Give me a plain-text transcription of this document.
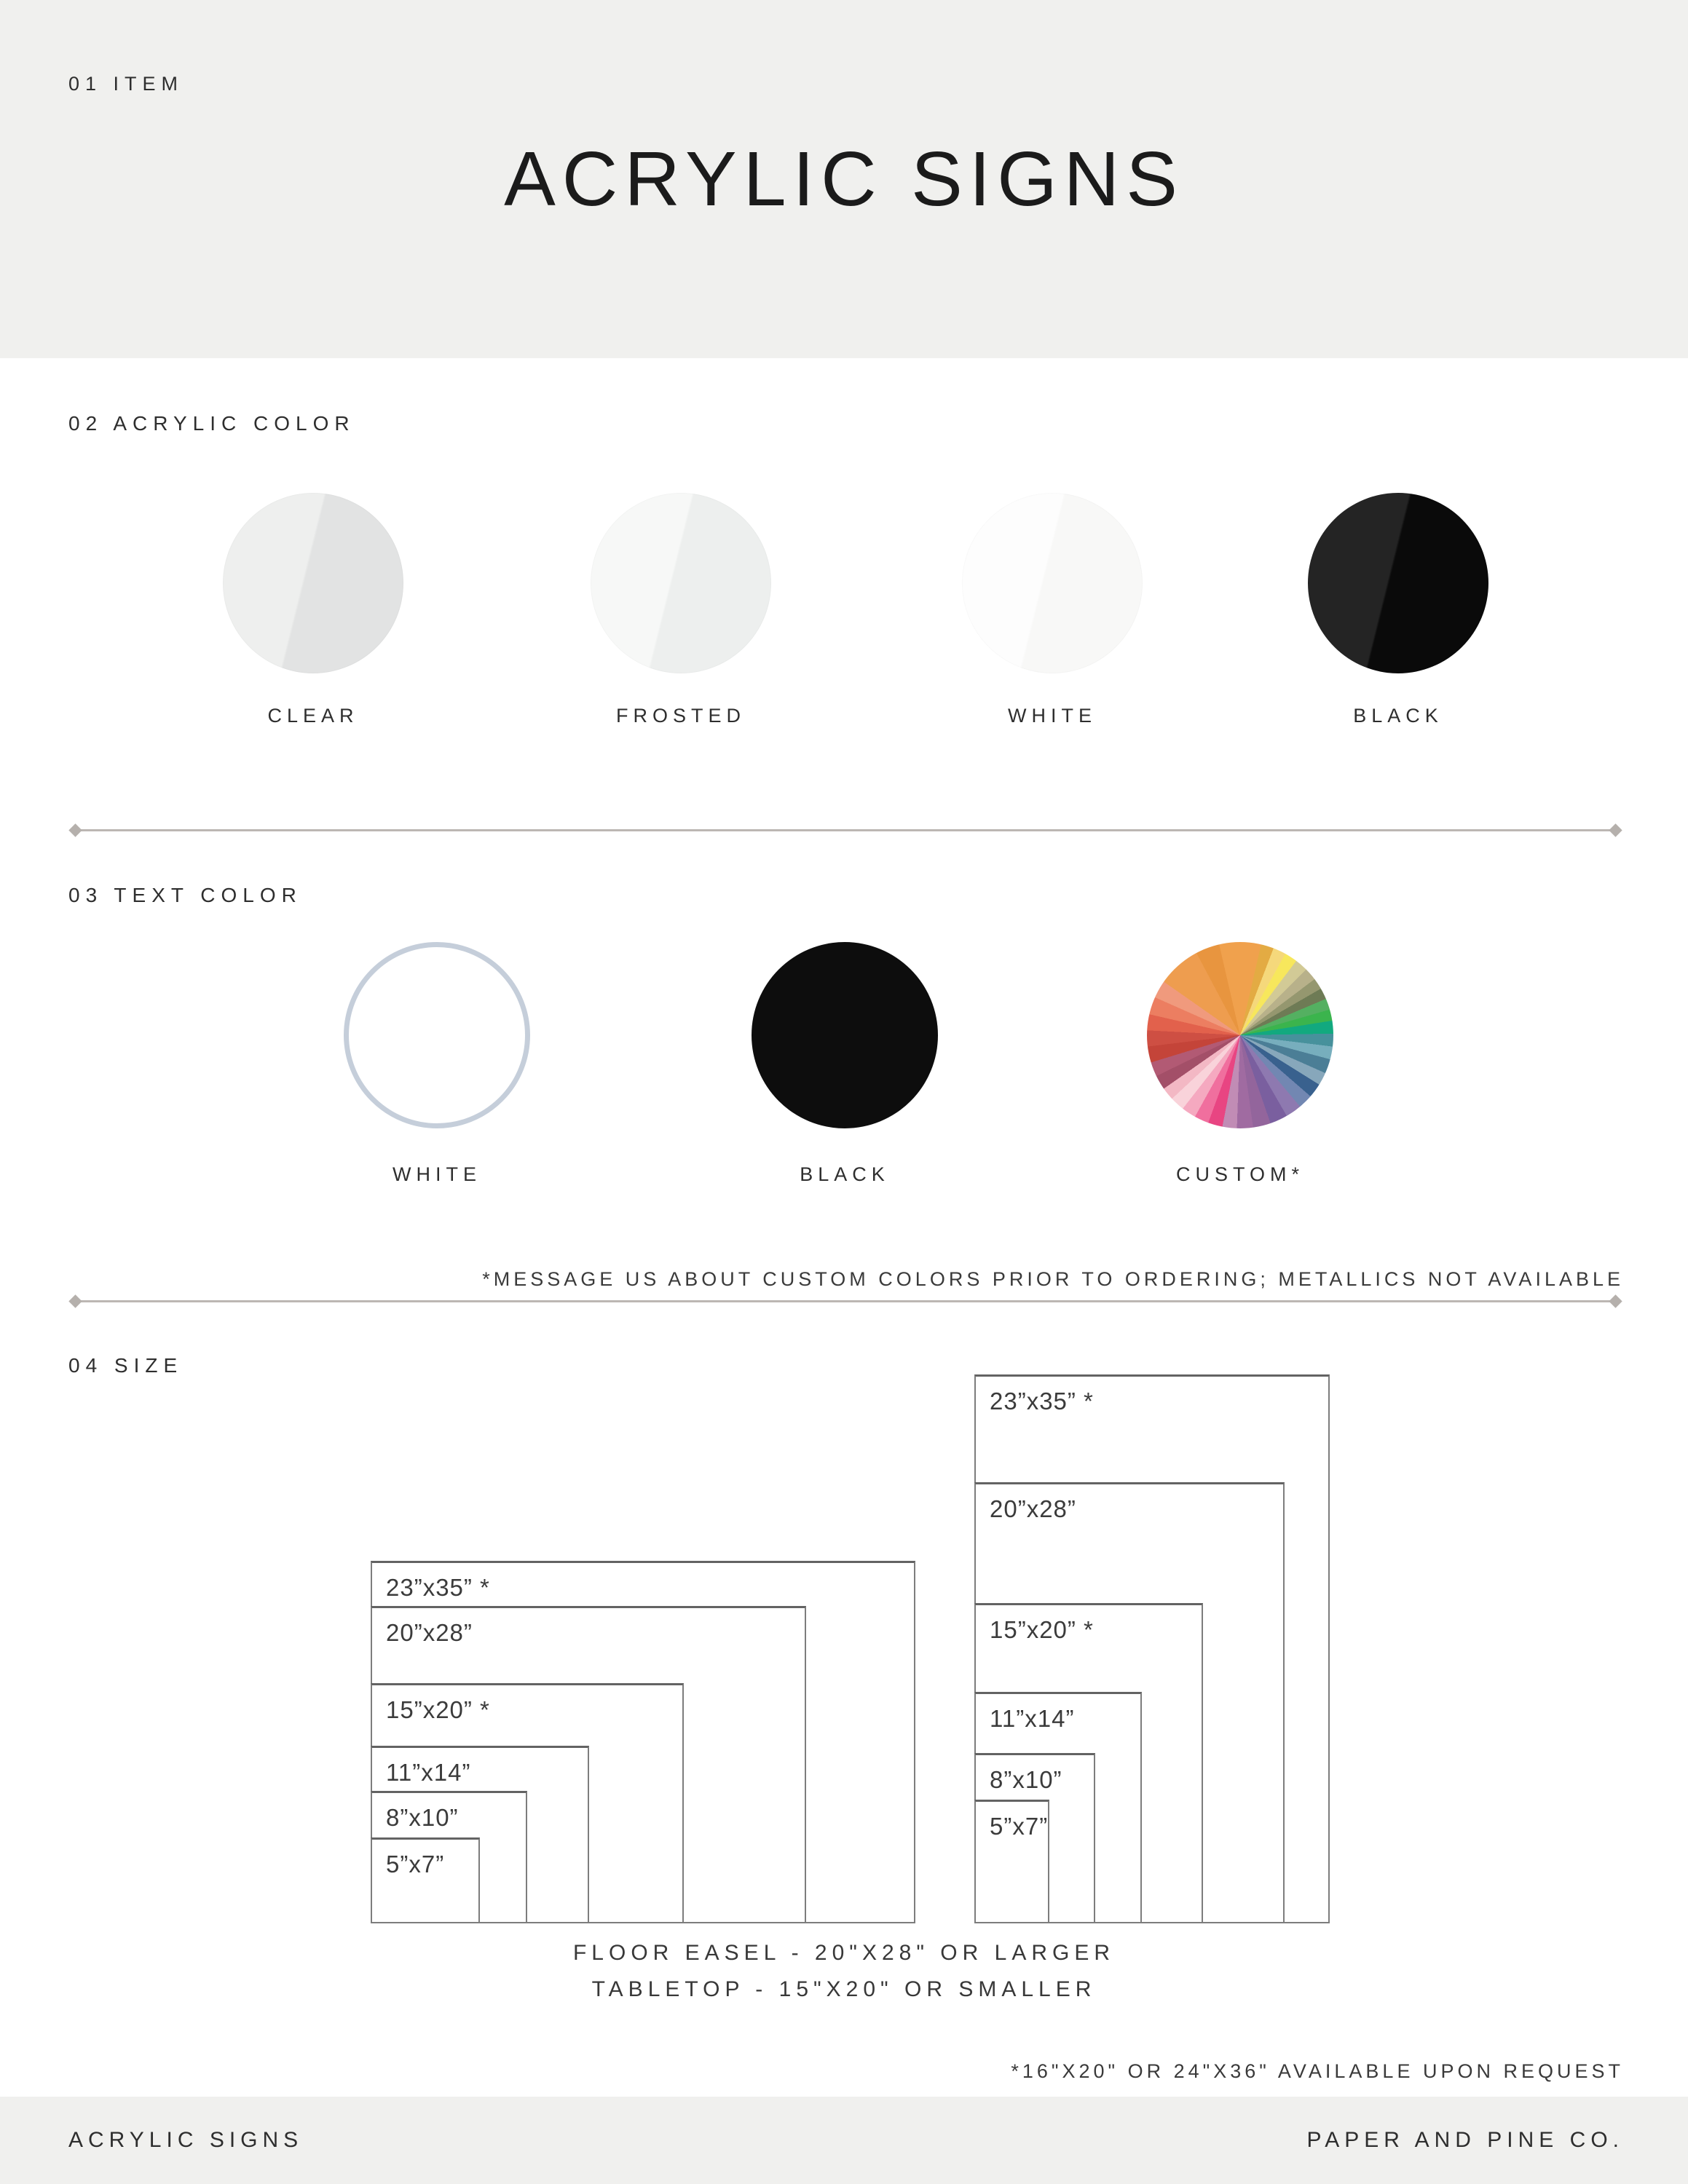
01 ITEM
ACRYLIC SIGNS
02 ACRYLIC COLOR
CLEAR	FROSTED	WHITE	BLACK
03 TEXT COLOR
WHITE	BLACK	CUSTOM*
*MESSAGE US ABOUT CUSTOM COLORS PRIOR TO ORDERING; METALLICS NOT AVAILABLE
04 SIZE
23”x35” *
20”x28”
15”x20” *
11”x14”
8”x10”
5”x7”
23”x35” *
20”x28”
15”x20” *
11”x14”
8”x10”
5”x7”
FLOOR EASEL - 20"X28" OR LARGER
TABLETOP - 15"X20" OR SMALLER
*16"X20" OR 24"X36" AVAILABLE UPON REQUEST
ACRYLIC SIGNS	PAPER AND PINE CO.
